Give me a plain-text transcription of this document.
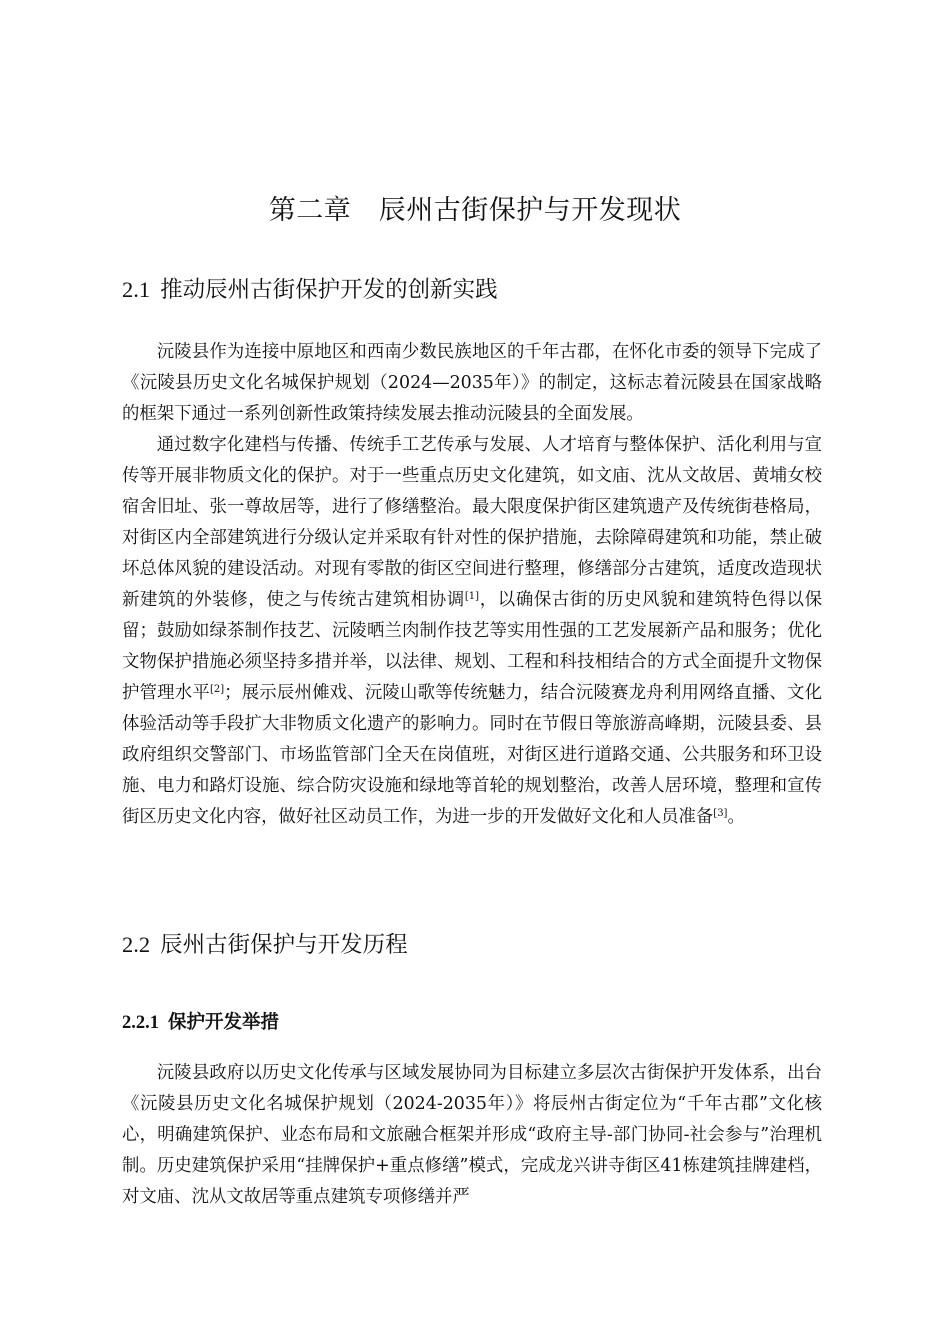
第二章　辰州古街保护与开发现状
2.1 推动辰州古街保护开发的创新实践

沅陵县作为连接中原地区和西南少数民族地区的千年古郡，在怀化市委的领导下完成了《沅陵县历史文化名城保护规划（2024—2035年）》的制定，这标志着沅陵县在国家战略的框架下通过一系列创新性政策持续发展去推动沅陵县的全面发展。

通过数字化建档与传播、传统手工艺传承与发展、人才培育与整体保护、活化利用与宣传等开展非物质文化的保护。对于一些重点历史文化建筑，如文庙、沈从文故居、黄埔女校宿舍旧址、张一尊故居等，进行了修缮整治。最大限度保护街区建筑遗产及传统街巷格局，对街区内全部建筑进行分级认定并采取有针对性的保护措施，去除障碍建筑和功能，禁止破坏总体风貌的建设活动。对现有零散的街区空间进行整理，修缮部分古建筑，适度改造现状新建筑的外装修，使之与传统古建筑相协调[1]，以确保古街的历史风貌和建筑特色得以保留；鼓励如绿茶制作技艺、沅陵晒兰肉制作技艺等实用性强的工艺发展新产品和服务；优化文物保护措施必须坚持多措并举，以法律、规划、工程和科技相结合的方式全面提升文物保护管理水平[2]；展示辰州傩戏、沅陵山歌等传统魅力，结合沅陵赛龙舟利用网络直播、文化体验活动等手段扩大非物质文化遗产的影响力。同时在节假日等旅游高峰期，沅陵县委、县政府组织交警部门、市场监管部门全天在岗值班，对街区进行道路交通、公共服务和环卫设施、电力和路灯设施、综合防灾设施和绿地等首轮的规划整治，改善人居环境，整理和宣传街区历史文化内容，做好社区动员工作，为进一步的开发做好文化和人员准备[3]。

2.2 辰州古街保护与开发历程
2.2.1 保护开发举措

沅陵县政府以历史文化传承与区域发展协同为目标建立多层次古街保护开发体系，出台《沅陵县历史文化名城保护规划（2024-2035年）》将辰州古街定位为“千年古郡”文化核心，明确建筑保护、业态布局和文旅融合框架并形成“政府主导-部门协同-社会参与”治理机制。历史建筑保护采用“挂牌保护+重点修缮”模式，完成龙兴讲寺街区41栋建筑挂牌建档，对文庙、沈从文故居等重点建筑专项修缮并严
